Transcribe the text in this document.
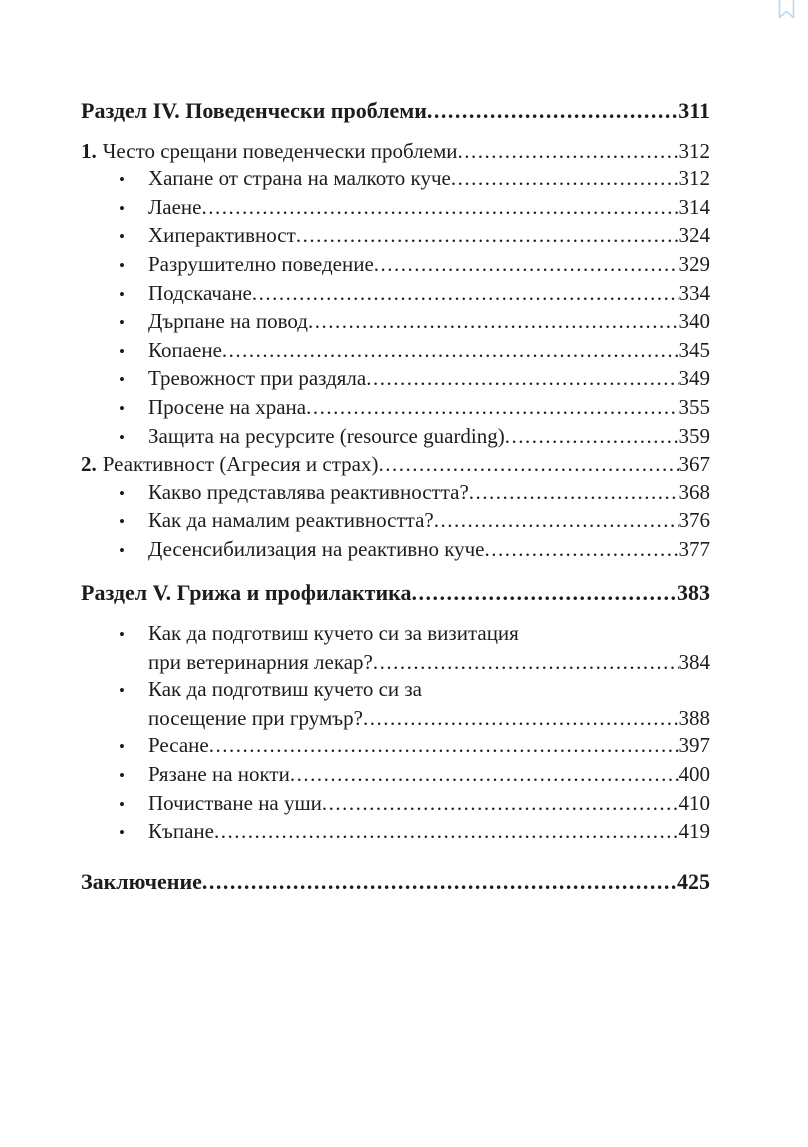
Раздел IV. Поведенчески проблеми .....	311
1. Често срещани поведенчески проблеми .....	312
•	Хапане от страна на малкото куче .....	312
•	Лаене .....	314
•	Хиперактивност .....	324
•	Разрушително поведение .....	329
•	Подскачане .....	334
•	Дърпане на повод .....	340
•	Копаене .....	345
•	Тревожност при раздяла .....	349
•	Просене на храна .....	355
•	Защита на ресурсите (resource guarding) .....	359
2. Реактивност (Агресия и страх) .....	367
•	Какво представлява реактивността? .....	368
•	Как да намалим реактивността? .....	376
•	Десенсибилизация на реактивно куче .....	377
Раздел V. Грижа и профилактика .....	383
•	Как да подготвиш кучето си за визитация
при ветеринарния лекар? .....	384
•	Как да подготвиш кучето си за
посещение при грумър? .....	388
•	Ресане .....	397
•	Рязане на нокти .....	400
•	Почистване на уши .....	410
•	Къпане .....	419
Заключение .....	425
